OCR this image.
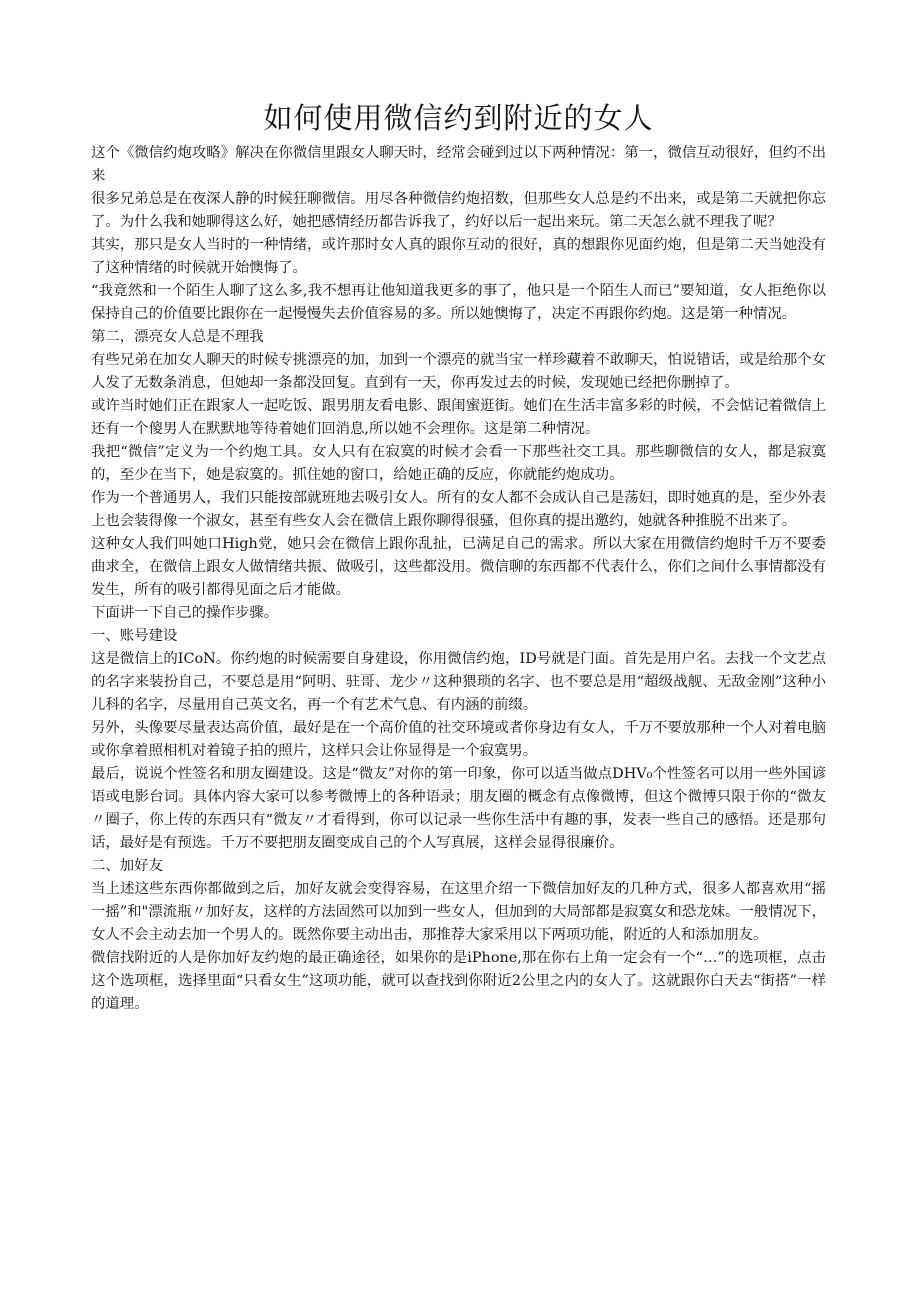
如何使用微信约到附近的女人

这个《微信约炮攻略》解决在你微信里跟女人聊天时，经常会碰到过以下两种情况：第一，微信互动很好，但约不出来

很多兄弟总是在夜深人静的时候狂聊微信。用尽各种微信约炮招数，但那些女人总是约不出来，或是第二天就把你忘了。为什么我和她聊得这么好，她把感情经历都告诉我了，约好以后一起出来玩。第二天怎么就不理我了呢？

其实，那只是女人当时的一种情绪，或许那时女人真的跟你互动的很好，真的想跟你见面约炮，但是第二天当她没有了这种情绪的时候就开始懊悔了。

“我竟然和一个陌生人聊了这么多,我不想再让他知道我更多的事了，他只是一个陌生人而已”要知道，女人拒绝你以保持自己的价值要比跟你在一起慢慢失去价值容易的多。所以她懊悔了，决定不再跟你约炮。这是第一种情况。

第二，漂亮女人总是不理我

有些兄弟在加女人聊天的时候专挑漂亮的加，加到一个漂亮的就当宝一样珍藏着不敢聊天，怕说错话，或是给那个女人发了无数条消息，但她却一条都没回复。直到有一天，你再发过去的时候，发现她已经把你删掉了。

或许当时她们正在跟家人一起吃饭、跟男朋友看电影、跟闺蜜逛街。她们在生活丰富多彩的时候，不会惦记着微信上还有一个傻男人在默默地等待着她们回消息,所以她不会理你。这是第二种情况。

我把“微信”定义为一个约炮工具。女人只有在寂寞的时候才会看一下那些社交工具。那些聊微信的女人，都是寂寞的，至少在当下，她是寂寞的。抓住她的窗口，给她正确的反应，你就能约炮成功。

作为一个普通男人，我们只能按部就班地去吸引女人。所有的女人都不会成认自己是荡妇，即时她真的是，至少外表上也会装得像一个淑女，甚至有些女人会在微信上跟你聊得很骚，但你真的提出邀约，她就各种推脱不出来了。

这种女人我们叫她口High党，她只会在微信上跟你乱扯，已满足自己的需求。所以大家在用微信约炮时千万不要委曲求全，在微信上跟女人做情绪共振、做吸引，这些都没用。微信聊的东西都不代表什么，你们之间什么事情都没有发生，所有的吸引都得见面之后才能做。

下面讲一下自己的操作步骤。

一、账号建设

这是微信上的ICoN。你约炮的时候需要自身建设，你用微信约炮，ID号就是门面。首先是用户名。去找一个文艺点的名字来装扮自己，不要总是用“阿明、驻哥、龙少〃这种猥琐的名字、也不要总是用“超级战舰、无敌金刚”这种小儿科的名字，尽量用自己英文名，再一个有艺术气息、有内涵的前缀。

另外，头像要尽量表达高价值，最好是在一个高价值的社交环境或者你身边有女人，千万不要放那种一个人对着电脑或你拿着照相机对着镜子拍的照片，这样只会让你显得是一个寂寞男。

最后，说说个性签名和朋友圈建设。这是“微友”对你的第一印象，你可以适当做点DHV₀个性签名可以用一些外国谚语或电影台词。具体内容大家可以参考微博上的各种语录；朋友圈的概念有点像微博，但这个微博只限于你的“微友〃圈子，你上传的东西只有“微友〃才看得到，你可以记录一些你生活中有趣的事，发表一些自己的感悟。还是那句话，最好是有预选。千万不要把朋友圈变成自己的个人写真展，这样会显得很廉价。

二、加好友

当上述这些东西你都做到之后，加好友就会变得容易，在这里介绍一下微信加好友的几种方式，很多人都喜欢用“摇一摇”和"漂流瓶〃加好友，这样的方法固然可以加到一些女人，但加到的大局部都是寂寞女和恐龙妹。一般情况下，女人不会主动去加一个男人的。既然你要主动出击，那推荐大家采用以下两项功能，附近的人和添加朋友。

微信找附近的人是你加好友约炮的最正确途径，如果你的是iPhone,那在你右上角一定会有一个“…”的选项框，点击这个选项框，选择里面“只看女生”这项功能，就可以查找到你附近2公里之内的女人了。这就跟你白天去“街搭”一样的道理。
